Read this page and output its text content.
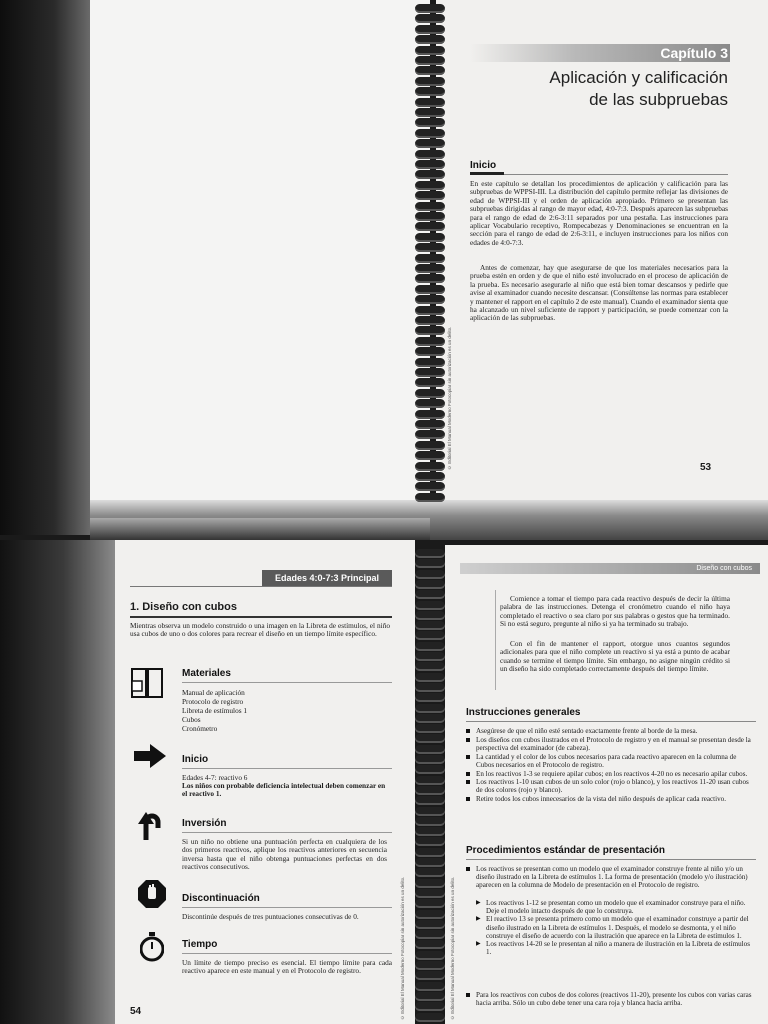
Capítulo 3
Aplicación y calificación
de las subpruebas
Inicio

En este capítulo se detallan los procedimientos de aplicación y calificación para las subpruebas de WPPSI-III. La distribución del capítulo permite reflejar las divisiones de edad de WPPSI-III y el orden de aplicación apropiado. Primero se presentan las subpruebas dirigidas al rango de mayor edad, 4:0-7:3. Después aparecen las subpruebas para el rango de edad de 2:6-3:11 separados por una pestaña. Las instrucciones para aplicar Vocabulario receptivo, Rompecabezas y Denominaciones se encuentran en la sección para el rango de edad de 2:6-3:11, e incluyen instrucciones para los niños con edades de 4:0-7:3.

Antes de comenzar, hay que asegurarse de que los materiales necesarios para la prueba estén en orden y de que el niño esté involucrado en el proceso de aplicación de la prueba. Es necesario asegurarle al niño que está bien tomar descansos y pedirle que avise al examinador cuando necesite descansar. (Consúltense las normas para establecer y mantener el rapport en el capítulo 2 de este manual). Cuando el examinador sienta que ha alcanzado un nivel suficiente de rapport y participación, se puede comenzar con la aplicación de las subpruebas.

53
© Editorial El Manual Moderno Fotocopiar sin autorización es un delito.
Edades 4:0-7:3 Principal
1. Diseño con cubos

Mientras observa un modelo construido o una imagen en la Libreta de estímulos, el niño usa cubos de uno o dos colores para recrear el diseño en un tiempo límite específico.

Materiales
Manual de aplicación
Protocolo de registro
Libreta de estímulos 1
Cubos
Cronómetro
Inicio
Edades 4-7: reactivo 6
Los niños con probable deficiencia intelectual deben comenzar en el reactivo 1.
Inversión

Si un niño no obtiene una puntuación perfecta en cualquiera de los dos primeros reactivos, aplique los reactivos anteriores en secuencia inversa hasta que el niño obtenga puntuaciones perfectas en dos reactivos consecutivos.

Discontinuación
Discontinúe después de tres puntuaciones consecutivas de 0.
Tiempo

Un límite de tiempo preciso es esencial. El tiempo límite para cada reactivo aparece en este manual y en el Protocolo de registro.

54	© Editorial El Manual Moderno Fotocopiar sin autorización es un delito.
Diseño con cubos

Comience a tomar el tiempo para cada reactivo después de decir la última palabra de las instrucciones. Detenga el cronómetro cuando el niño haya completado el reactivo o sea claro por sus palabras o gestos que ha terminado. Si no está seguro, pregunte al niño si ya ha terminado su trabajo.

Con el fin de mantener el rapport, otorgue unos cuantos segundos adicionales para que el niño complete un reactivo si ya está a punto de acabar cuando se termine el tiempo límite. Sin embargo, no asigne ningún crédito si un diseño ha sido completado correctamente después del tiempo límite.

Instrucciones generales
Asegúrese de que el niño esté sentado exactamente frente al borde de la mesa.
Los diseños con cubos ilustrados en el Protocolo de registro y en el manual se presentan desde la perspectiva del examinador (de cabeza).
La cantidad y el color de los cubos necesarios para cada reactivo aparecen en la columna de Cubos necesarios en el Protocolo de registro.
En los reactivos 1-3 se requiere apilar cubos; en los reactivos 4-20 no es necesario apilar cubos.
Los reactivos 1-10 usan cubos de un solo color (rojo o blanco), y los reactivos 11-20 usan cubos de dos colores (rojo y blanco).
Retire todos los cubos innecesarios de la vista del niño después de aplicar cada reactivo.
Procedimientos estándar de presentación
Los reactivos se presentan como un modelo que el examinador construye frente al niño y/o un diseño ilustrado en la Libreta de estímulos 1. La forma de presentación (modelo y/o ilustración) aparecen en la columna de Modelo de presentación en el Protocolo de registro.
▶ Los reactivos 1-12 se presentan como un modelo que el examinador construye para el niño. Deje el modelo intacto después de que lo construya.
▶ El reactivo 13 se presenta primero como un modelo que el examinador construye a partir del diseño ilustrado en la Libreta de estímulos 1. Después, el modelo se desmonta, y el niño construye el diseño de acuerdo con la ilustración que aparece en la Libreta de estímulos 1.
▶ Los reactivos 14-20 se le presentan al niño a manera de ilustración en la Libreta de estímulos 1.
Para los reactivos con cubos de dos colores (reactivos 11-20), presente los cubos con varias caras hacia arriba. Sólo un cubo debe tener una cara roja y blanca hacia arriba.
© Editorial El Manual Moderno Fotocopiar sin autorización es un delito.
